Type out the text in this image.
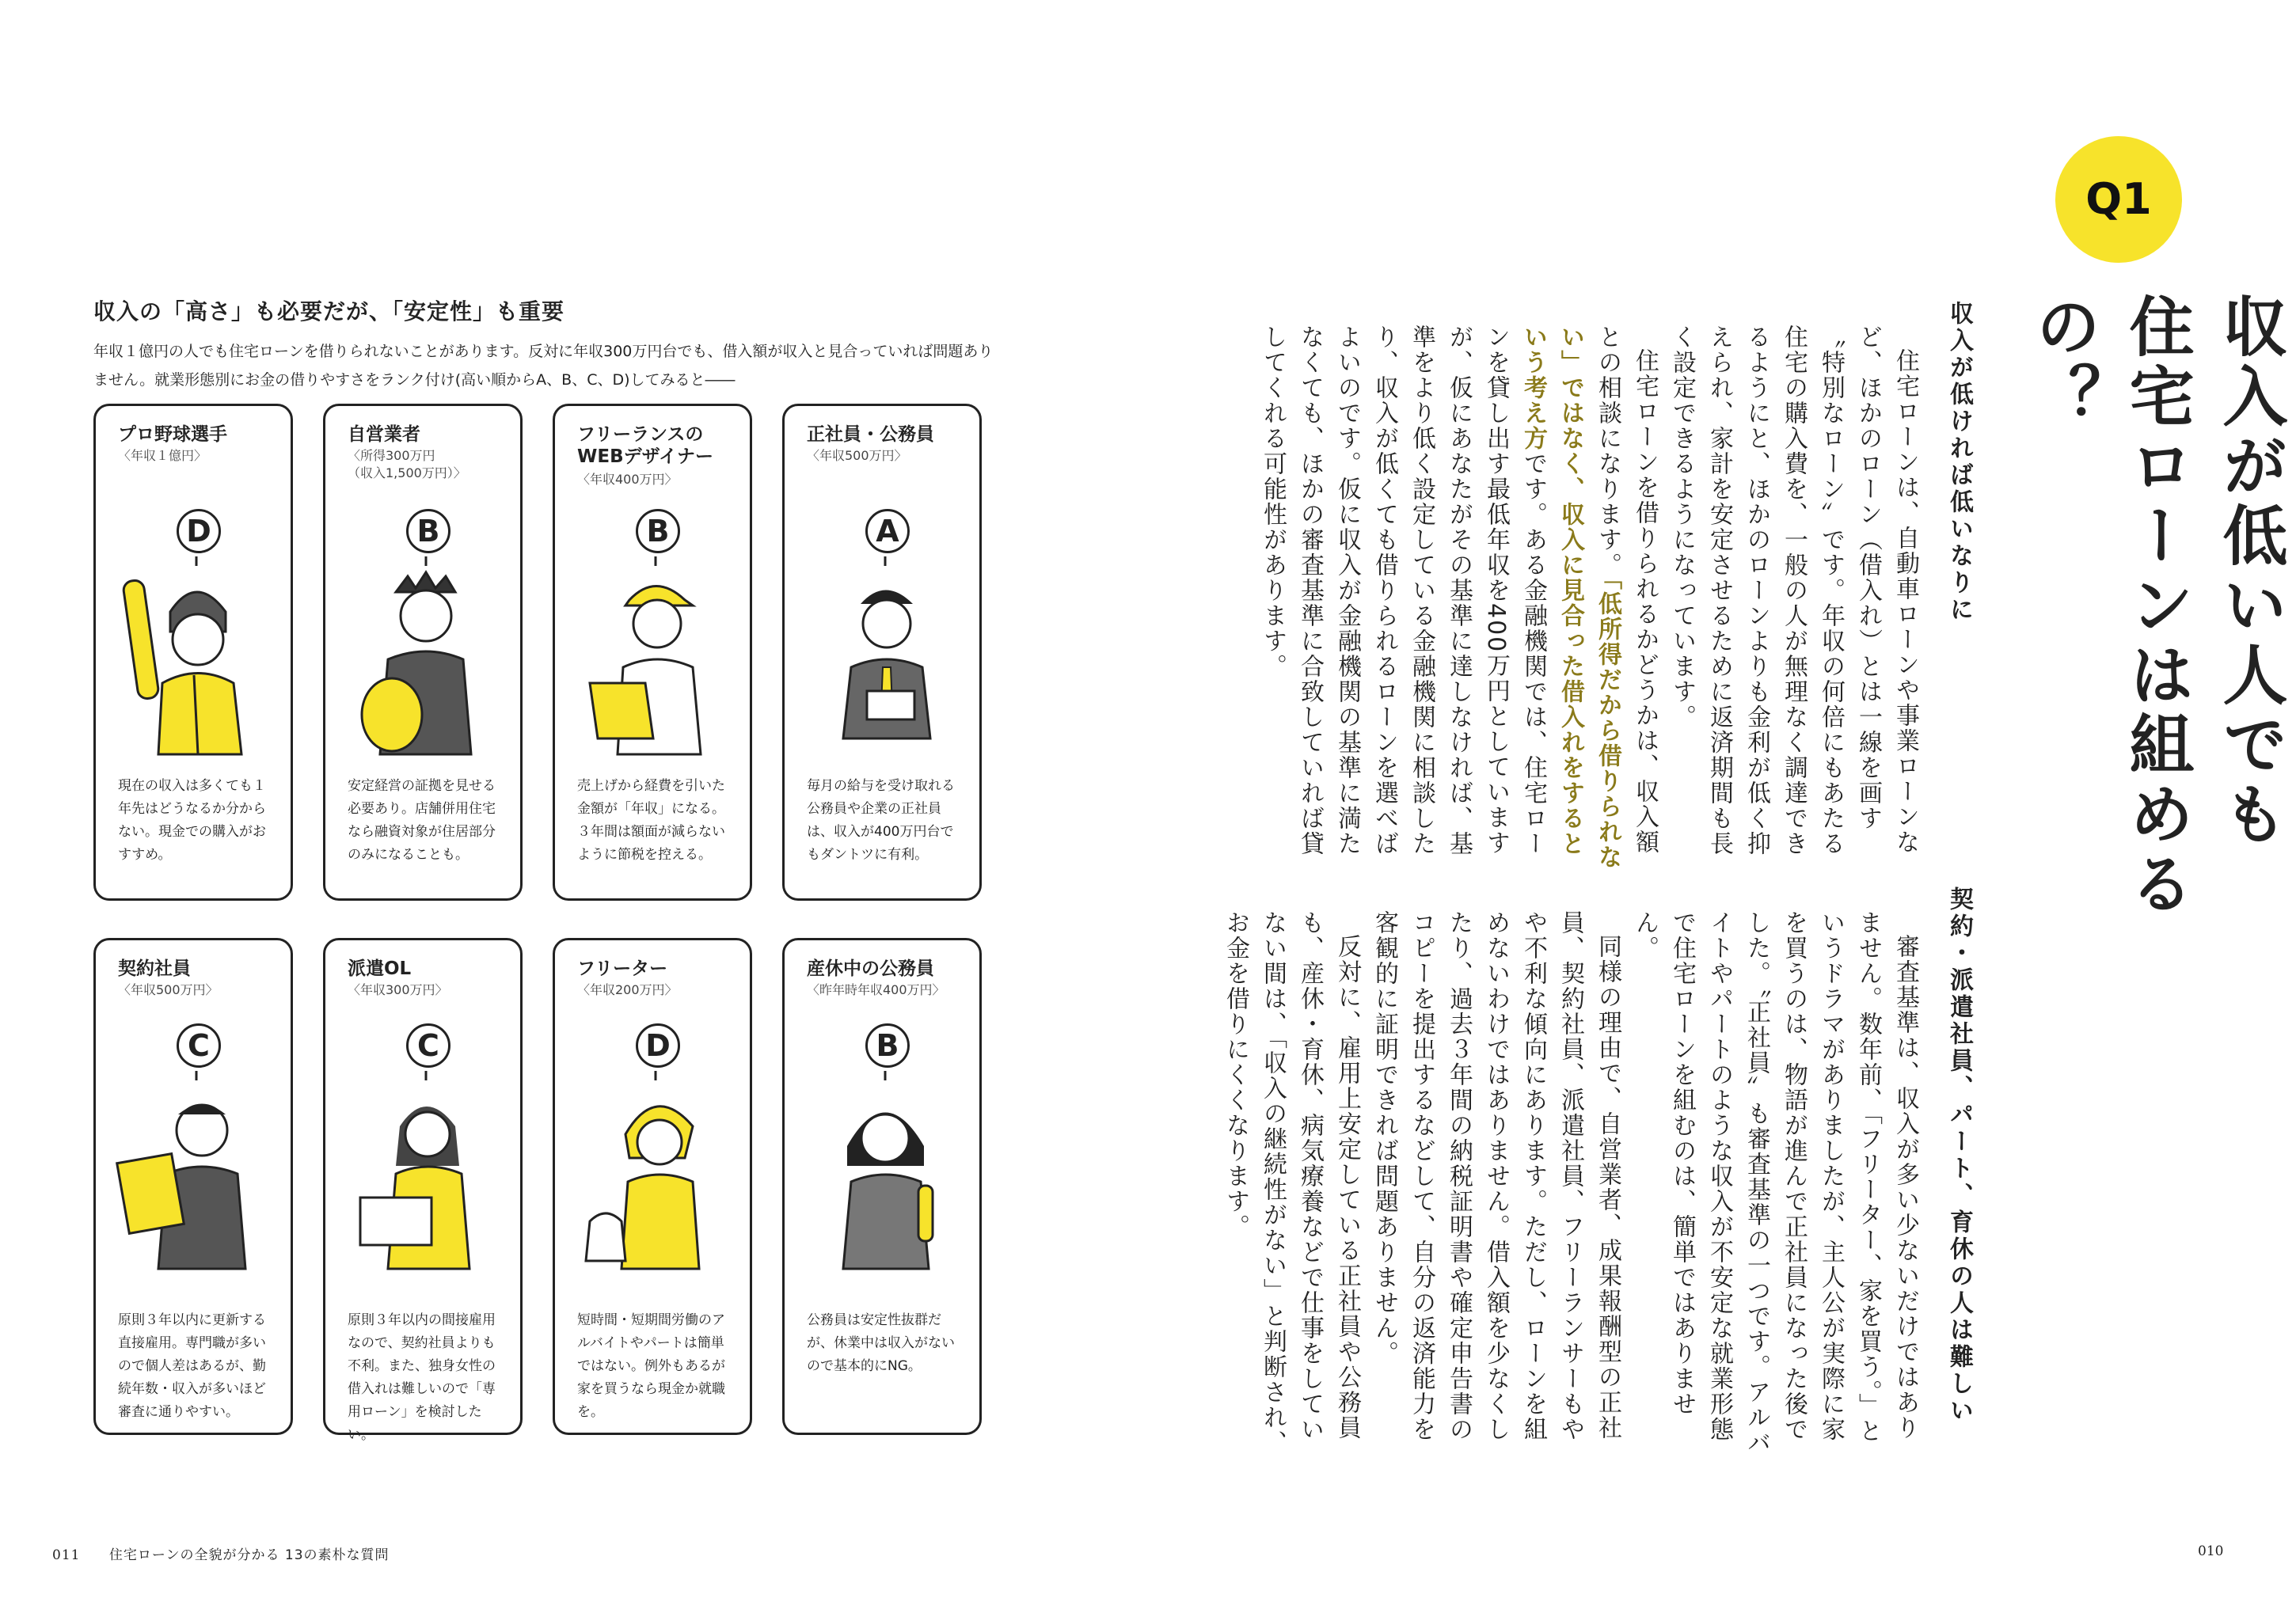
収入の「高さ」も必要だが、「安定性」も重要
年収１億円の人でも住宅ローンを借りられないことがあります。反対に年収300万円台でも、借入額が収入と見合っていれば問題ありません。就業形態別にお金の借りやすさをランク付け(高い順からA、B、C、D)してみると――
プロ野球選手
〈年収１億円〉
D
現在の収入は多くても１年先はどうなるか分からない。現金での購入がおすすめ。
自営業者
〈所得300万円
（収入1,500万円）〉
B
安定経営の証拠を見せる必要あり。店舗併用住宅なら融資対象が住居部分のみになることも。
フリーランスの
WEBデザイナー
〈年収400万円〉
B
売上げから経費を引いた金額が「年収」になる。３年間は額面が減らないように節税を控える。
正社員・公務員
〈年収500万円〉
A
毎月の給与を受け取れる公務員や企業の正社員は、収入が400万円台でもダントツに有利。
契約社員
〈年収500万円〉
C
原則３年以内に更新する直接雇用。専門職が多いので個人差はあるが、勤続年数・収入が多いほど審査に通りやすい。
派遣OL
〈年収300万円〉
C
原則３年以内の間接雇用なので、契約社員よりも不利。また、独身女性の借入れは難しいので「専用ローン」を検討したい。
フリーター
〈年収200万円〉
D
短時間・短期間労働のアルバイトやパートは簡単ではない。例外もあるが家を買うなら現金か就職を。
産休中の公務員
〈昨年時年収400万円〉
B
公務員は安定性抜群だが、休業中は収入がないので基本的にNG。
011 住宅ローンの全貌が分かる 13の素朴な質問
Q1
収入が低い人でも
住宅ローンは組めるの？
収入が低ければ低いなりに

住宅ローンは、自動車ローンや事業ローンなど、ほかのローン（借入れ）とは一線を画す〝特別なローン〟です。年収の何倍にもあたる住宅の購入費を、一般の人が無理なく調達できるようにと、ほかのローンよりも金利が低く抑えられ、家計を安定させるために返済期間も長く設定できるようになっています。

住宅ローンを借りられるかどうかは、収入額との相談になります。「低所得だから借りられない」ではなく、収入に見合った借入れをするという考え方です。ある金融機関では、住宅ローンを貸し出す最低年収を400万円としていますが、仮にあなたがその基準に達しなければ、基準をより低く設定している金融機関に相談したり、収入が低くても借りられるローンを選べばよいのです。仮に収入が金融機関の基準に満たなくても、ほかの審査基準に合致していれば貸してくれる可能性があります。

契約・派遣社員、パート、育休の人は難しい

審査基準は、収入が多い少ないだけではありません。数年前、「フリーター、家を買う。」というドラマがありましたが、主人公が実際に家を買うのは、物語が進んで正社員になった後でした。〝正社員〟も審査基準の一つです。アルバイトやパートのような収入が不安定な就業形態で住宅ローンを組むのは、簡単ではありません。

同様の理由で、自営業者、成果報酬型の正社員、契約社員、派遣社員、フリーランサーもやや不利な傾向にあります。ただし、ローンを組めないわけではありません。借入額を少なくしたり、過去３年間の納税証明書や確定申告書のコピーを提出するなどして、自分の返済能力を客観的に証明できれば問題ありません。

反対に、雇用上安定している正社員や公務員も、産休・育休、病気療養などで仕事をしていない間は、「収入の継続性がない」と判断され、お金を借りにくくなります。

010
